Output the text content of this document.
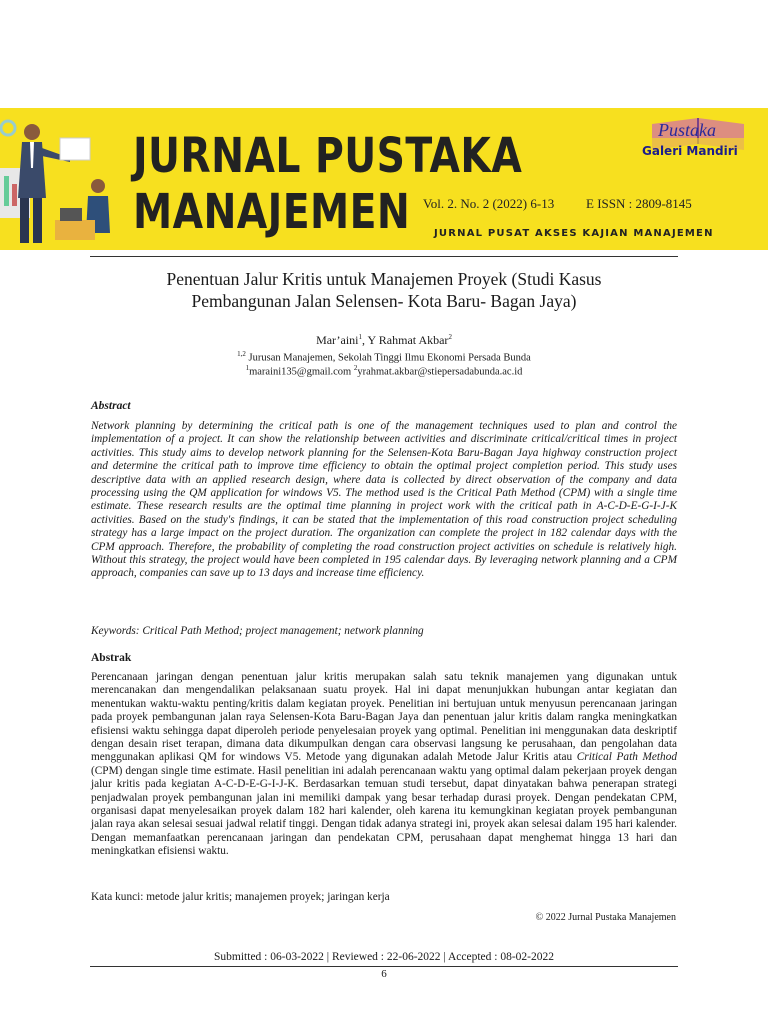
JURNAL PUSTAKA
MANAJEMEN Vol. 2. No. 2 (2022) 6-13 E ISSN : 2809-8145
JURNAL PUSAT AKSES KAJIAN MANAJEMEN
Pustaka
Galeri Mandiri
Penentuan Jalur Kritis untuk Manajemen Proyek (Studi Kasus
Pembangunan Jalan Selensen- Kota Baru- Bagan Jaya)
Mar’aini$^1$, Y Rahmat Akbar$^2$
$^{1,2}$ Jurusan Manajemen, Sekolah Tinggi Ilmu Ekonomi Persada Bunda
$^1$maraini135@gmail.com $^2$yrahmat.akbar@stiepersadabunda.ac.id
Abstract

Network planning by determining the critical path is one of the management techniques used to plan and control the implementation of a project. It can show the relationship between activities and discriminate critical/critical times in project activities. This study aims to develop network planning for the Selensen-Kota Baru-Bagan Jaya highway construction project and determine the critical path to improve time efficiency to obtain the optimal project completion period. This study uses descriptive data with an applied research design, where data is collected by direct observation of the company and data processing using the QM application for windows V5. The method used is the Critical Path Method (CPM) with a single time estimate. These research results are the optimal time planning in project work with the critical path in A-C-D-E-G-I-J-K activities. Based on the study's findings, it can be stated that the implementation of this road construction project scheduling strategy has a large impact on the project duration. The organization can complete the project in 182 calendar days with the CPM approach. Therefore, the probability of completing the road construction project activities on schedule is relatively high. Without this strategy, the project would have been completed in 195 calendar days. By leveraging network planning and a CPM approach, companies can save up to 13 days and increase time efficiency.

Keywords: Critical Path Method; project management; network planning
Abstrak

Perencanaan jaringan dengan penentuan jalur kritis merupakan salah satu teknik manajemen yang digunakan untuk merencanakan dan mengendalikan pelaksanaan suatu proyek. Hal ini dapat menunjukkan hubungan antar kegiatan dan menentukan waktu-waktu penting/kritis dalam kegiatan proyek. Penelitian ini bertujuan untuk menyusun perencanaan jaringan pada proyek pembangunan jalan raya Selensen-Kota Baru-Bagan Jaya dan penentuan jalur kritis dalam rangka meningkatkan efisiensi waktu sehingga dapat diperoleh periode penyelesaian proyek yang optimal. Penelitian ini menggunakan data deskriptif dengan desain riset terapan, dimana data dikumpulkan dengan cara observasi langsung ke perusahaan, dan pengolahan data menggunakan aplikasi QM for windows V5. Metode yang digunakan adalah Metode Jalur Kritis atau Critical Path Method (CPM) dengan single time estimate. Hasil penelitian ini adalah perencanaan waktu yang optimal dalam pekerjaan proyek dengan jalur kritis pada kegiatan A-C-D-E-G-I-J-K. Berdasarkan temuan studi tersebut, dapat dinyatakan bahwa penerapan strategi penjadwalan proyek pembangunan jalan ini memiliki dampak yang besar terhadap durasi proyek. Dengan pendekatan CPM, organisasi dapat menyelesaikan proyek dalam 182 hari kalender, oleh karena itu kemungkinan kegiatan proyek pembangunan jalan raya akan selesai sesuai jadwal relatif tinggi. Dengan tidak adanya strategi ini, proyek akan selesai dalam 195 hari kalender. Dengan memanfaatkan perencanaan jaringan dan pendekatan CPM, perusahaan dapat menghemat hingga 13 hari dan meningkatkan efisiensi waktu.

Kata kunci: metode jalur kritis; manajemen proyek; jaringan kerja
© 2022 Jurnal Pustaka Manajemen
Submitted : 06-03-2022 | Reviewed : 22-06-2022 | Accepted : 08-02-2022
6
